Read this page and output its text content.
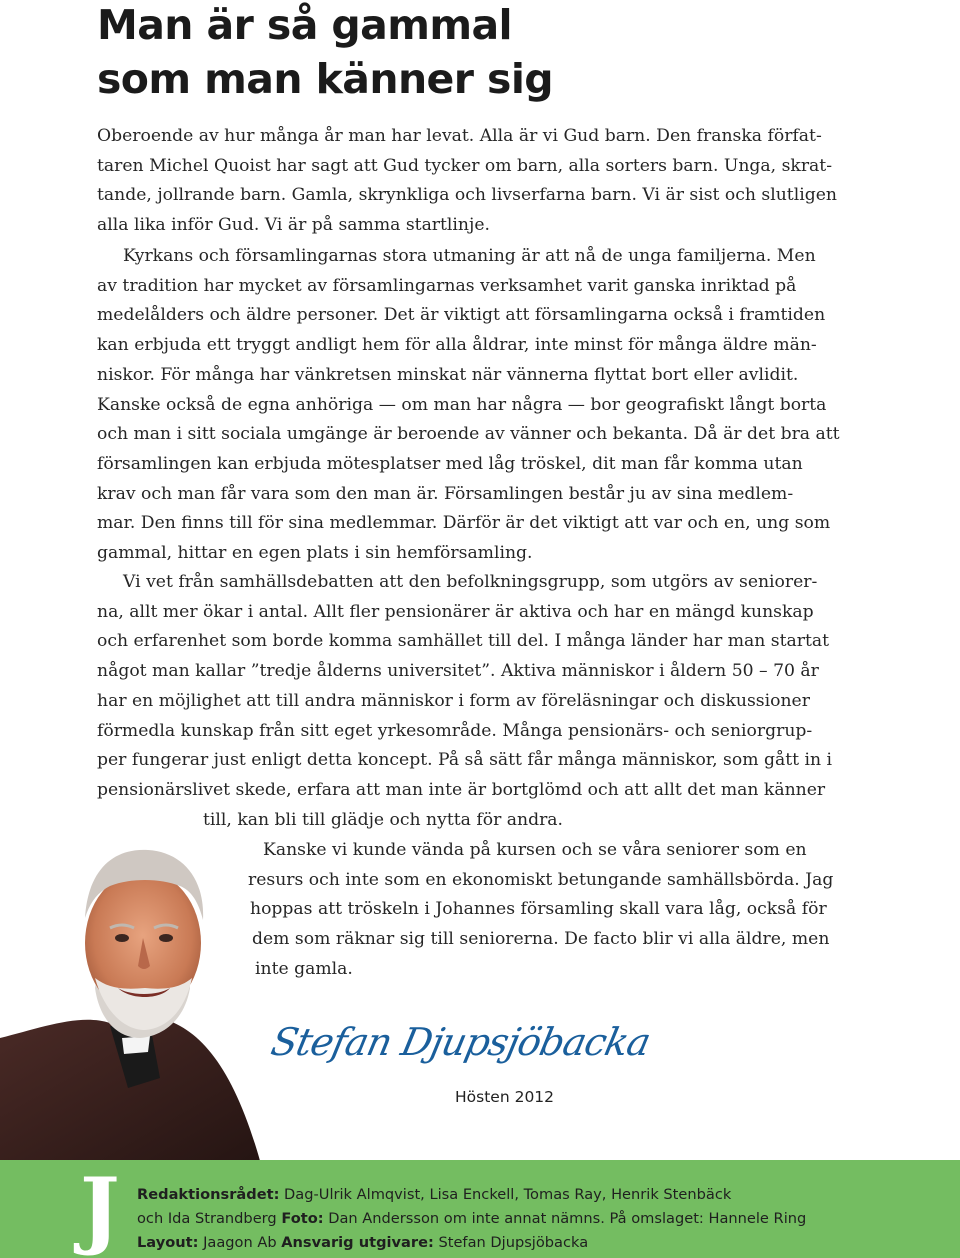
Man är så gammal
som man känner sig
Oberoende av hur många år man har levat. Alla är vi Gud barn. Den franska förfat-
taren Michel Quoist har sagt att Gud tycker om barn, alla sorters barn. Unga, skrat-
tande, jollrande barn. Gamla, skrynkliga och livserfarna barn. Vi är sist och slutligen
alla lika inför Gud. Vi är på samma startlinje.
Kyrkans och församlingarnas stora utmaning är att nå de unga familjerna. Men
av tradition har mycket av församlingarnas verksamhet varit ganska inriktad på
medelålders och äldre personer. Det är viktigt att församlingarna också i framtiden
kan erbjuda ett tryggt andligt hem för alla åldrar, inte minst för många äldre män-
niskor. För många har vänkretsen minskat när vännerna flyttat bort eller avlidit.
Kanske också de egna anhöriga — om man har några — bor geografiskt långt borta
och man i sitt sociala umgänge är beroende av vänner och bekanta. Då är det bra att
församlingen kan erbjuda mötesplatser med låg tröskel, dit man får komma utan
krav och man får vara som den man är. Församlingen består ju av sina medlem-
mar. Den finns till för sina medlemmar. Därför är det viktigt att var och en, ung som
gammal, hittar en egen plats i sin hemförsamling.
Vi vet från samhällsdebatten att den befolkningsgrupp, som utgörs av seniorer-
na, allt mer ökar i antal. Allt fler pensionärer är aktiva och har en mängd kunskap
och erfarenhet som borde komma samhället till del. I många länder har man startat
något man kallar ”tredje ålderns universitet”. Aktiva människor i åldern 50 – 70 år
har en möjlighet att till andra människor i form av föreläsningar och diskussioner
förmedla kunskap från sitt eget yrkesområde. Många pensionärs- och seniorgrup-
per fungerar just enligt detta koncept. På så sätt får många människor, som gått in i
pensionärslivet skede, erfara att man inte är bortglömd och att allt det man känner
till, kan bli till glädje och nytta för andra.
Kanske vi kunde vända på kursen och se våra seniorer som en
resurs och inte som en ekonomiskt betungande samhällsbörda. Jag
hoppas att tröskeln i Johannes församling skall vara låg, också för
dem som räknar sig till seniorerna. De facto blir vi alla äldre, men
inte gamla.
Stefan Djupsjöbacka
Hösten 2012
J Redaktionsrådet: Dag-Ulrik Almqvist, Lisa Enckell, Tomas Ray, Henrik Stenbäck
och Ida Strandberg Foto: Dan Andersson om inte annat nämns. På omslaget: Hannele Ring
Layout: Jaagon Ab Ansvarig utgivare: Stefan Djupsjöbacka
